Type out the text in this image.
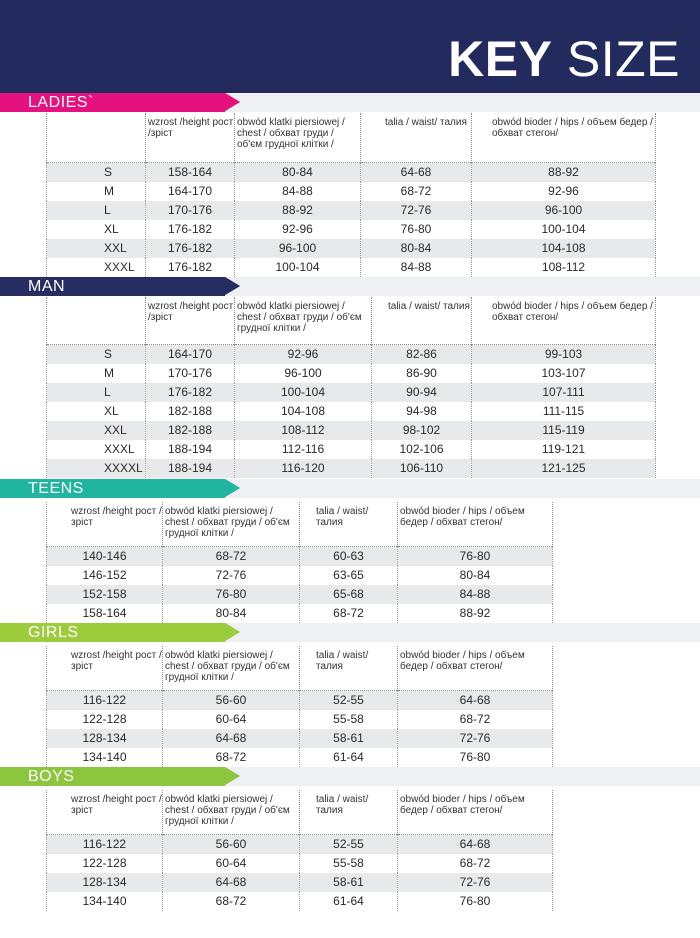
KEY SIZE
LADIES`
	wzrost /height рост /зрiст	obwód klatki piersiowej / chest / обхват груди / об'єм грудної клітки /	talia / waist/ талия	obwód bioder / hips / объем бедер / обхват стегон/
S	158-164	80-84	64-68	88-92
M	164-170	84-88	68-72	92-96
L	170-176	88-92	72-76	96-100
XL	176-182	92-96	76-80	100-104
XXL	176-182	96-100	80-84	104-108
XXXL	176-182	100-104	84-88	108-112
MAN
	wzrost /height рост /зрiст	obwód klatki piersiowej / chest / обхват груди / об'єм грудної клітки /	talia / waist/ талия	obwód bioder / hips / объем бедер / обхват стегон/
S	164-170	92-96	82-86	99-103
M	170-176	96-100	86-90	103-107
L	176-182	100-104	90-94	107-111
XL	182-188	104-108	94-98	111-115
XXL	182-188	108-112	98-102	115-119
XXXL	188-194	112-116	102-106	119-121
XXXXL	188-194	116-120	106-110	121-125
TEENS
wzrost /height рост /зрiст	obwód klatki piersiowej / chest / обхват груди / об'єм грудної клітки /	talia / waist/ талия	obwód bioder / hips / объем бедер / обхват стегон/
140-146	68-72	60-63	76-80
146-152	72-76	63-65	80-84
152-158	76-80	65-68	84-88
158-164	80-84	68-72	88-92
GIRLS
wzrost /height рост /зрiст	obwód klatki piersiowej / chest / обхват груди / об'єм грудної клітки /	talia / waist/ талия	obwód bioder / hips / объем бедер / обхват стегон/
116-122	56-60	52-55	64-68
122-128	60-64	55-58	68-72
128-134	64-68	58-61	72-76
134-140	68-72	61-64	76-80
BOYS
wzrost /height рост /зрiст	obwód klatki piersiowej / chest / обхват груди / об'єм грудної клітки /	talia / waist/ талия	obwód bioder / hips / объем бедер / обхват стегон/
116-122	56-60	52-55	64-68
122-128	60-64	55-58	68-72
128-134	64-68	58-61	72-76
134-140	68-72	61-64	76-80
